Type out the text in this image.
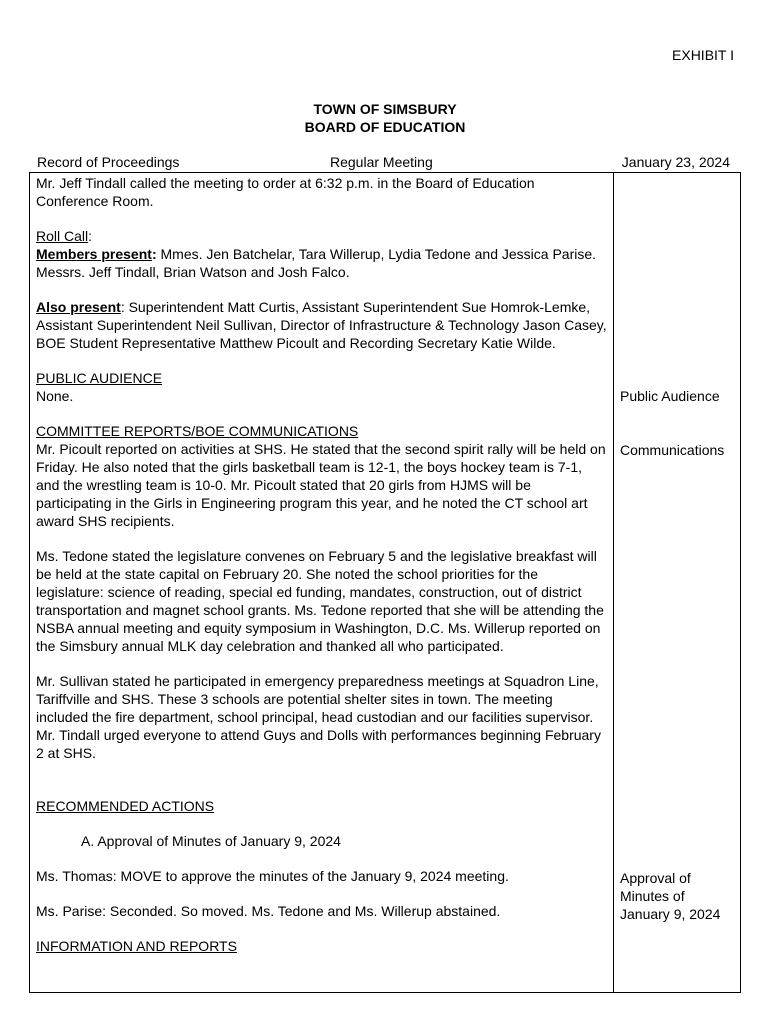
EXHIBIT I
TOWN OF SIMSBURY
BOARD OF EDUCATION
Record of Proceedings	Regular Meeting	January 23, 2024

Mr. Jeff Tindall called the meeting to order at 6:32 p.m. in the Board of Education Conference Room.

Roll Call:
Members present: Mmes. Jen Batchelar, Tara Willerup, Lydia Tedone and Jessica Parise. Messrs. Jeff Tindall, Brian Watson and Josh Falco.

Also present: Superintendent Matt Curtis, Assistant Superintendent Sue Homrok-Lemke, Assistant Superintendent Neil Sullivan, Director of Infrastructure & Technology Jason Casey, BOE Student Representative Matthew Picoult and Recording Secretary Katie Wilde.

PUBLIC AUDIENCE
None.

COMMITTEE REPORTS/BOE COMMUNICATIONS
Mr. Picoult reported on activities at SHS. He stated that the second spirit rally will be held on Friday. He also noted that the girls basketball team is 12-1, the boys hockey team is 7-1, and the wrestling team is 10-0. Mr. Picoult stated that 20 girls from HJMS will be participating in the Girls in Engineering program this year, and he noted the CT school art award SHS recipients.

Ms. Tedone stated the legislature convenes on February 5 and the legislative breakfast will be held at the state capital on February 20. She noted the school priorities for the legislature: science of reading, special ed funding, mandates, construction, out of district transportation and magnet school grants. Ms. Tedone reported that she will be attending the NSBA annual meeting and equity symposium in Washington, D.C. Ms. Willerup reported on the Simsbury annual MLK day celebration and thanked all who participated.

Mr. Sullivan stated he participated in emergency preparedness meetings at Squadron Line, Tariffville and SHS. These 3 schools are potential shelter sites in town. The meeting included the fire department, school principal, head custodian and our facilities supervisor. Mr. Tindall urged everyone to attend Guys and Dolls with performances beginning February 2 at SHS.

RECOMMENDED ACTIONS

A. Approval of Minutes of January 9, 2024

Ms. Thomas: MOVE to approve the minutes of the January 9, 2024 meeting.

Ms. Parise: Seconded. So moved. Ms. Tedone and Ms. Willerup abstained.

INFORMATION AND REPORTS

Public Audience
Communications
Approval of Minutes of January 9, 2024
